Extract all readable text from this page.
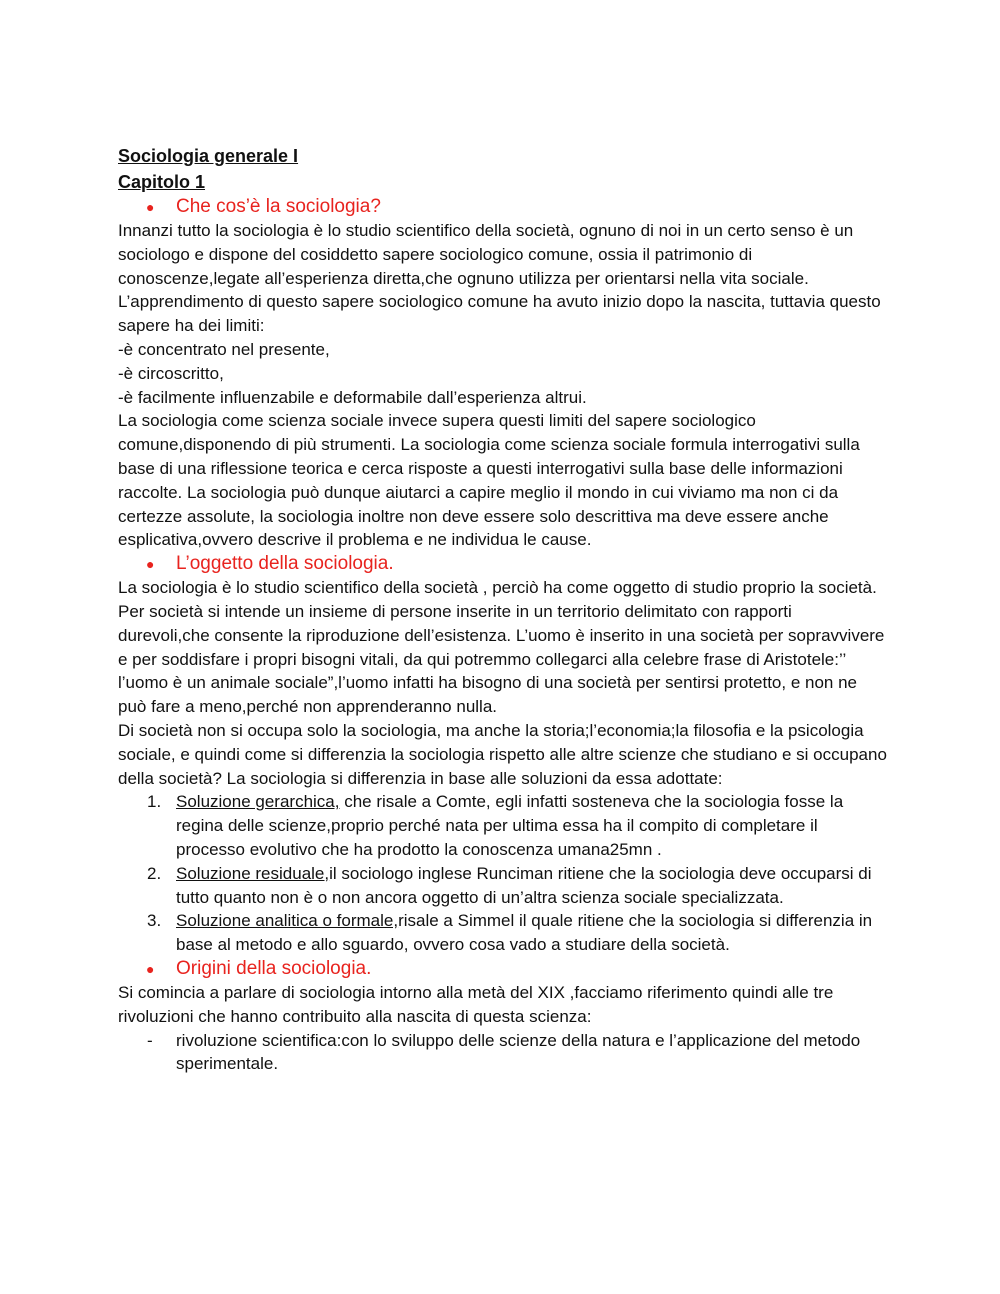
Sociologia generale I

Capitolo 1

● Che cos’è la sociologia?

Innanzi tutto la sociologia è lo studio scientifico della società, ognuno di noi in un certo senso è un sociologo e dispone del cosiddetto sapere sociologico comune, ossia il patrimonio di conoscenze,legate all’esperienza diretta,che ognuno utilizza per orientarsi nella vita sociale.

L’apprendimento di questo sapere sociologico comune ha avuto inizio dopo la nascita, tuttavia questo sapere ha dei limiti:

-è concentrato nel presente,

-è circoscritto,

-è facilmente influenzabile e deformabile dall’esperienza altrui.

La sociologia come scienza sociale invece supera questi limiti del sapere sociologico comune,disponendo di più strumenti. La sociologia come scienza sociale formula interrogativi sulla base di una riflessione teorica e cerca risposte a questi interrogativi sulla base delle informazioni raccolte. La sociologia può dunque aiutarci a capire meglio il mondo in cui viviamo ma non ci da certezze assolute, la sociologia inoltre non deve essere solo descrittiva ma deve essere anche esplicativa,ovvero descrive il problema e ne individua le cause.

● L’oggetto della sociologia.

La sociologia è lo studio scientifico della società , perciò ha come oggetto di studio proprio la società. Per società si intende un insieme di persone inserite in un territorio delimitato con rapporti durevoli,che consente la riproduzione dell’esistenza. L’uomo è inserito in una società per sopravvivere e per soddisfare i propri bisogni vitali, da qui potremmo collegarci alla celebre frase di Aristotele:’’ l’uomo è un animale sociale”,l’uomo infatti ha bisogno di una società per sentirsi protetto, e non ne può fare a meno,perché non apprenderanno nulla.

Di società non si occupa solo la sociologia, ma anche la storia;l’economia;la filosofia e la psicologia sociale, e quindi come si differenzia la sociologia rispetto alle altre scienze che studiano e si occupano della società? La sociologia si differenzia in base alle soluzioni da essa adottate:

1. Soluzione gerarchica, che risale a Comte, egli infatti sosteneva che la sociologia fosse la regina delle scienze,proprio perché nata per ultima essa ha il compito di completare il processo evolutivo che ha prodotto la conoscenza umana25mn .
2. Soluzione residuale,il sociologo inglese Runciman ritiene che la sociologia deve occuparsi di tutto quanto non è o non ancora oggetto di un’altra scienza sociale specializzata.
3. Soluzione analitica o formale,risale a Simmel il quale ritiene che la sociologia si differenzia in base al metodo e allo sguardo, ovvero cosa vado a studiare della società.

● Origini della sociologia.

Si comincia a parlare di sociologia intorno alla metà del XIX ,facciamo riferimento quindi alle tre rivoluzioni che hanno contribuito alla nascita di questa scienza:

- rivoluzione scientifica:con lo sviluppo delle scienze della natura e l’applicazione del metodo sperimentale.
